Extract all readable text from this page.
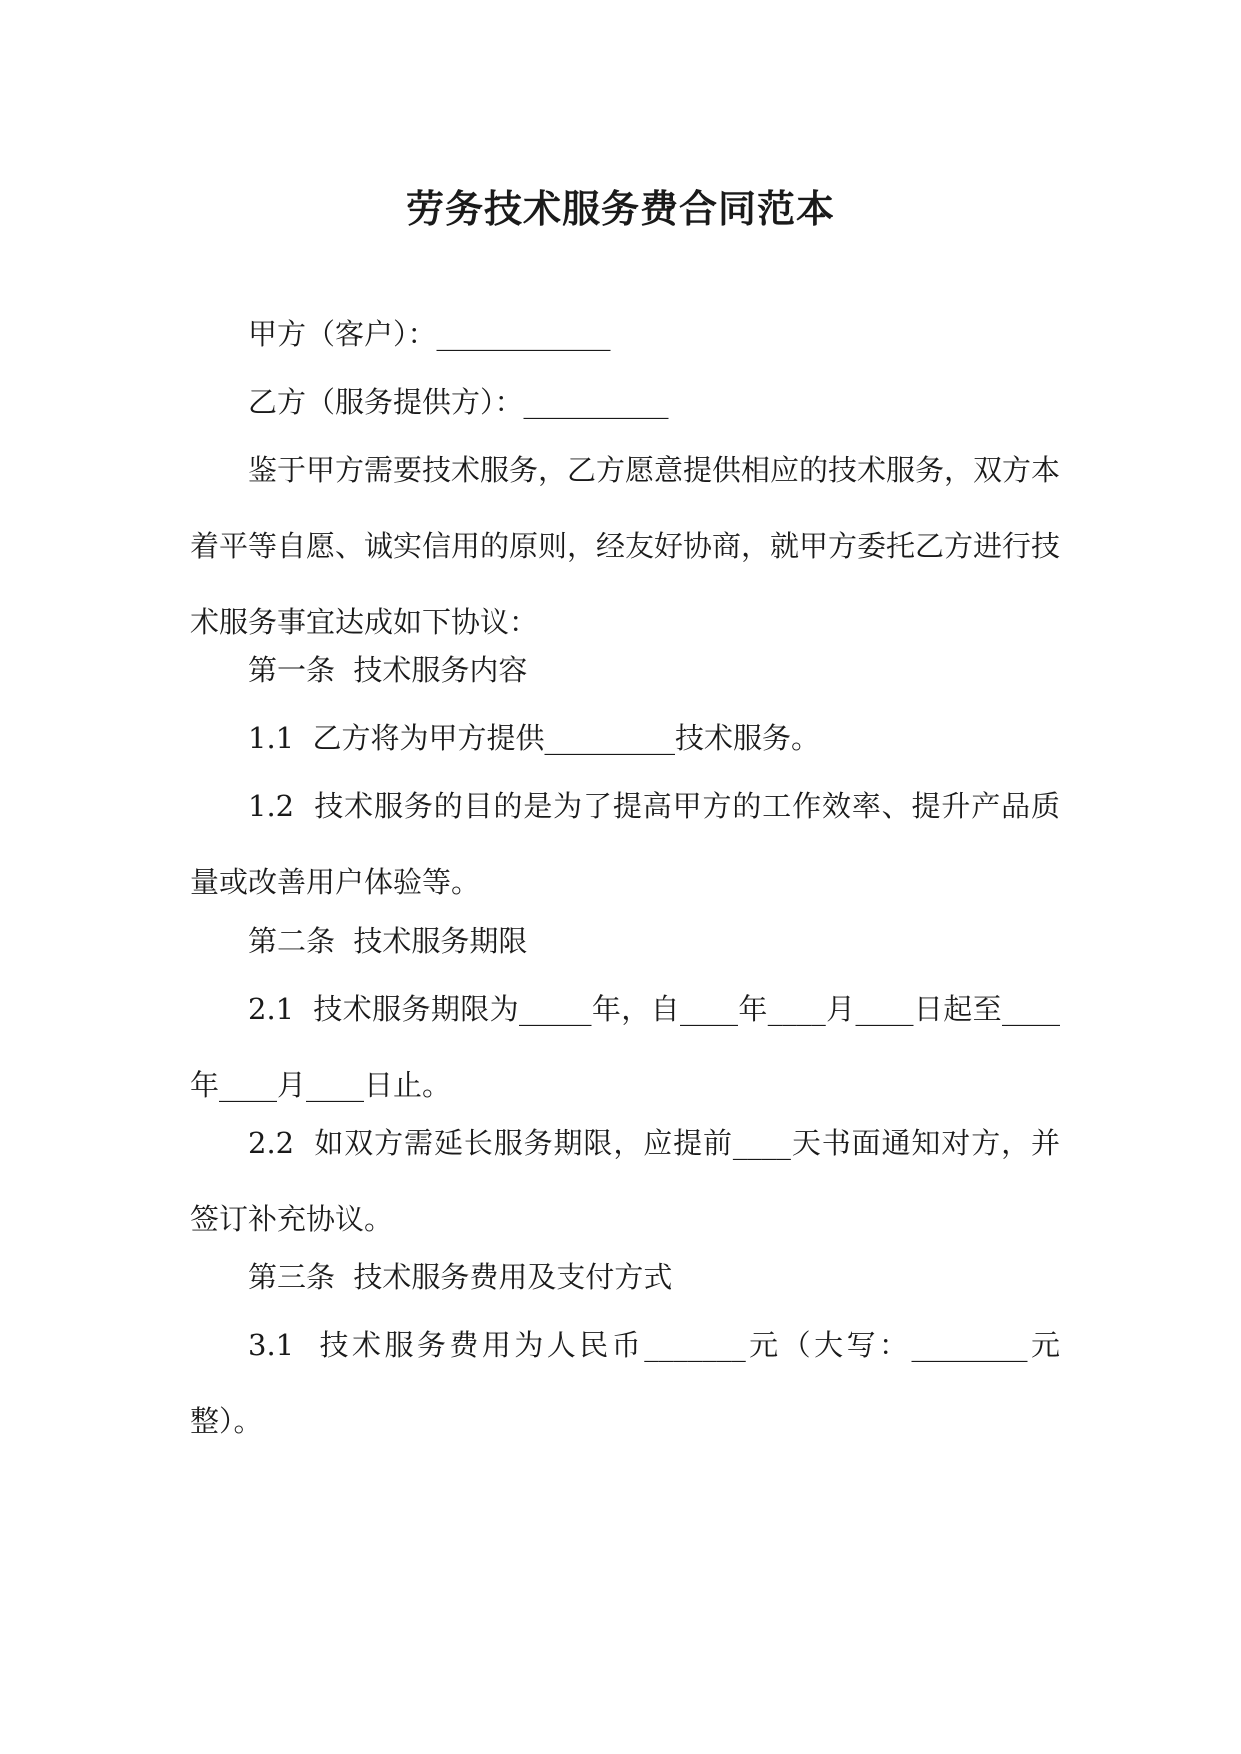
劳务技术服务费合同范本

甲方（客户）：____________

乙方（服务提供方）：__________

鉴于甲方需要技术服务，乙方愿意提供相应的技术服务，双方本着平等自愿、诚实信用的原则，经友好协商，就甲方委托乙方进行技术服务事宜达成如下协议：

第一条  技术服务内容

1.1  乙方将为甲方提供_________技术服务。

1.2  技术服务的目的是为了提高甲方的工作效率、提升产品质量或改善用户体验等。

第二条  技术服务期限

2.1  技术服务期限为_____年，自____年____月____日起至____年____月____日止。

2.2  如双方需延长服务期限，应提前____天书面通知对方，并签订补充协议。

第三条  技术服务费用及支付方式

3.1  技术服务费用为人民币_______元（大写：________元整）。
